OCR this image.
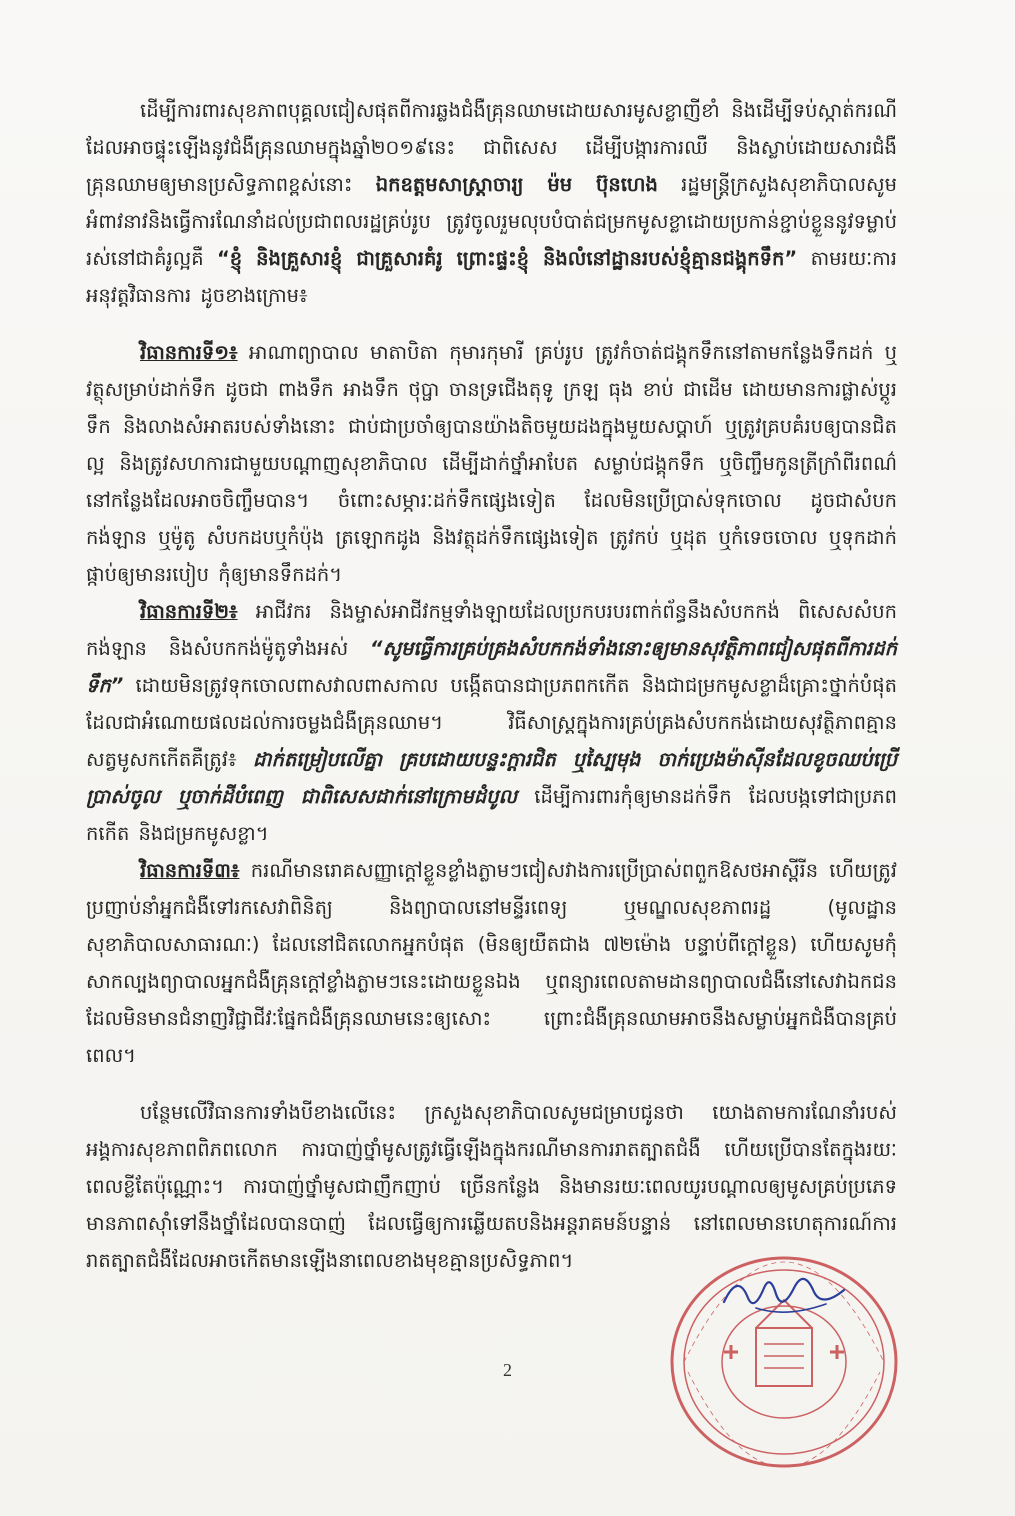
ដើម្បីការពារសុខភាពបុគ្គលជៀសផុតពីការឆ្លងជំងឺគ្រុនឈាមដោយសារមូសខ្លាញីខាំ និងដើម្បីទប់ស្កាត់ករណីដែលអាចផ្ទុះឡើងនូវជំងឺគ្រុនឈាមក្នុងឆ្នាំ២០១៩នេះ ជាពិសេស ដើម្បីបង្ការការឈឺ និងស្លាប់ដោយសារជំងឺគ្រុនឈាមឲ្យមានប្រសិទ្ធភាពខ្ពស់នោះ ឯកឧត្តមសាស្ត្រាចារ្យ ម៉ម ប៊ុនហេង រដ្ឋមន្ត្រីក្រសួងសុខាភិបាលសូមអំពាវនាវនិងធ្វើការណែនាំដល់ប្រជាពលរដ្ឋគ្រប់រូប ត្រូវចូលរួមលុបបំបាត់ជម្រកមូសខ្លាដោយប្រកាន់ខ្ជាប់ខ្លួននូវទម្លាប់រស់នៅជាគំរូល្អគឺ “ខ្ញុំ និងគ្រួសារខ្ញុំ ជាគ្រួសារគំរូ ព្រោះផ្ទះខ្ញុំ និងលំនៅដ្ឋានរបស់ខ្ញុំគ្មានជង្គុកទឹក” តាមរយៈការអនុវត្តវិធានការ ដូចខាងក្រោម៖

វិធានការទី១៖ អាណាព្យាបាល មាតាបិតា កុមារកុមារី គ្រប់រូប ត្រូវកំចាត់ជង្គុកទឹកនៅតាមកន្លែងទឹកដក់ ឬវត្ថុសម្រាប់ដាក់ទឹក ដូចជា ពាងទឹក អាងទឹក ថុប្ផា ចានទ្រជើងតុទូ ក្រឡ ធុង ខាប់ ជាដើម ដោយមានការផ្លាស់ប្តូរទឹក និងលាងសំអាតរបស់ទាំងនោះ ជាប់ជាប្រចាំឲ្យបានយ៉ាងតិចមួយដងក្នុងមួយសប្តាហ៍ ឬត្រូវគ្របគំរបឲ្យបានជិតល្អ និងត្រូវសហការជាមួយបណ្តាញសុខាភិបាល ដើម្បីដាក់ថ្នាំអាបែត សម្លាប់ជង្គុកទឹក ឬចិញ្ចឹមកូនត្រីក្រាំពីរពណ៌នៅកន្លែងដែលអាចចិញ្ចឹមបាន។ ចំពោះសម្ភារៈដក់ទឹកផ្សេងទៀត ដែលមិនប្រើប្រាស់ទុកចោល ដូចជាសំបកកង់ឡាន ឬម៉ូតូ សំបកដបឬកំប៉ុង ត្រឡោកដូង និងវត្ថុដក់ទឹកផ្សេងទៀត ត្រូវកប់ ឬដុត ឬកំទេចចោល ឬទុកដាក់ផ្កាប់ឲ្យមានរបៀប កុំឲ្យមានទឹកដក់។

វិធានការទី២៖ អាជីវករ និងម្ចាស់អាជីវកម្មទាំងឡាយដែលប្រកបរបរពាក់ព័ន្ធនឹងសំបកកង់ ពិសេសសំបកកង់ឡាន និងសំបកកង់ម៉ូតូទាំងអស់ “សូមធ្វើការគ្រប់គ្រងសំបកកង់ទាំងនោះឲ្យមានសុវត្ថិភាពជៀសផុតពីការដក់ទឹក” ដោយមិនត្រូវទុកចោលពាសវាលពាសកាល បង្កើតបានជាប្រភពកកើត និងជាជម្រកមូសខ្លាដ៏គ្រោះថ្នាក់បំផុត ដែលជាអំណោយផលដល់ការចម្លងជំងឺគ្រុនឈាម។ វិធីសាស្ត្រក្នុងការគ្រប់គ្រងសំបកកង់ដោយសុវត្ថិភាពគ្មានសត្វមូសកកើតគឺត្រូវ៖ ដាក់តម្រៀបលើគ្នា គ្របដោយបន្ទះក្តារជិត ឬស្បៃមុង ចាក់ប្រេងម៉ាស៊ីនដែលខូចឈប់ប្រើប្រាស់ចូល ឬចាក់ដីបំពេញ ជាពិសេសដាក់នៅក្រោមដំបូល ដើម្បីការពារកុំឲ្យមានដក់ទឹក ដែលបង្កទៅជាប្រភពកកើត និងជម្រកមូសខ្លា។

វិធានការទី៣៖ ករណីមានរោគសញ្ញាក្តៅខ្លួនខ្លាំងភ្លាមៗជៀសវាងការប្រើប្រាស់ពពួកឱសថអាស្ពីរីន ហើយត្រូវប្រញាប់នាំអ្នកជំងឺទៅរកសេវាពិនិត្យ និងព្យាបាលនៅមន្ទីរពេទ្យ ឬមណ្ឌលសុខភាពរដ្ឋ (មូលដ្ឋានសុខាភិបាលសាធារណៈ) ដែលនៅជិតលោកអ្នកបំផុត (មិនឲ្យយឺតជាង ៧២ម៉ោង បន្ទាប់ពីក្តៅខ្លួន) ហើយសូមកុំសាកល្បងព្យាបាលអ្នកជំងឺគ្រុនក្តៅខ្លាំងភ្លាមៗនេះដោយខ្លួនឯង ឬពន្យារពេលតាមដានព្យាបាលជំងឺនៅសេវាឯកជនដែលមិនមានជំនាញវិជ្ជាជីវៈផ្នែកជំងឺគ្រុនឈាមនេះឲ្យសោះ ព្រោះជំងឺគ្រុនឈាមអាចនឹងសម្លាប់អ្នកជំងឺបានគ្រប់ពេល។

បន្ថែមលើវិធានការទាំងបីខាងលើនេះ ក្រសួងសុខាភិបាលសូមជម្រាបជូនថា យោងតាមការណែនាំរបស់អង្គការសុខភាពពិភពលោក ការបាញ់ថ្នាំមូសត្រូវធ្វើឡើងក្នុងករណីមានការរាតត្បាតជំងឺ ហើយប្រើបានតែក្នុងរយៈពេលខ្លីតែប៉ុណ្ណោះ។ ការបាញ់ថ្នាំមូសជាញឹកញាប់ ច្រើនកន្លែង និងមានរយៈពេលយូរបណ្តាលឲ្យមូសគ្រប់ប្រភេទមានភាពស៊ាំទៅនឹងថ្នាំដែលបានបាញ់ ដែលធ្វើឲ្យការឆ្លើយតបនិងអន្តរាគមន៍បន្ទាន់ នៅពេលមានហេតុការណ៍ការរាតត្បាតជំងឺដែលអាចកើតមានឡើងនាពេលខាងមុខគ្មានប្រសិទ្ធភាព។

2
